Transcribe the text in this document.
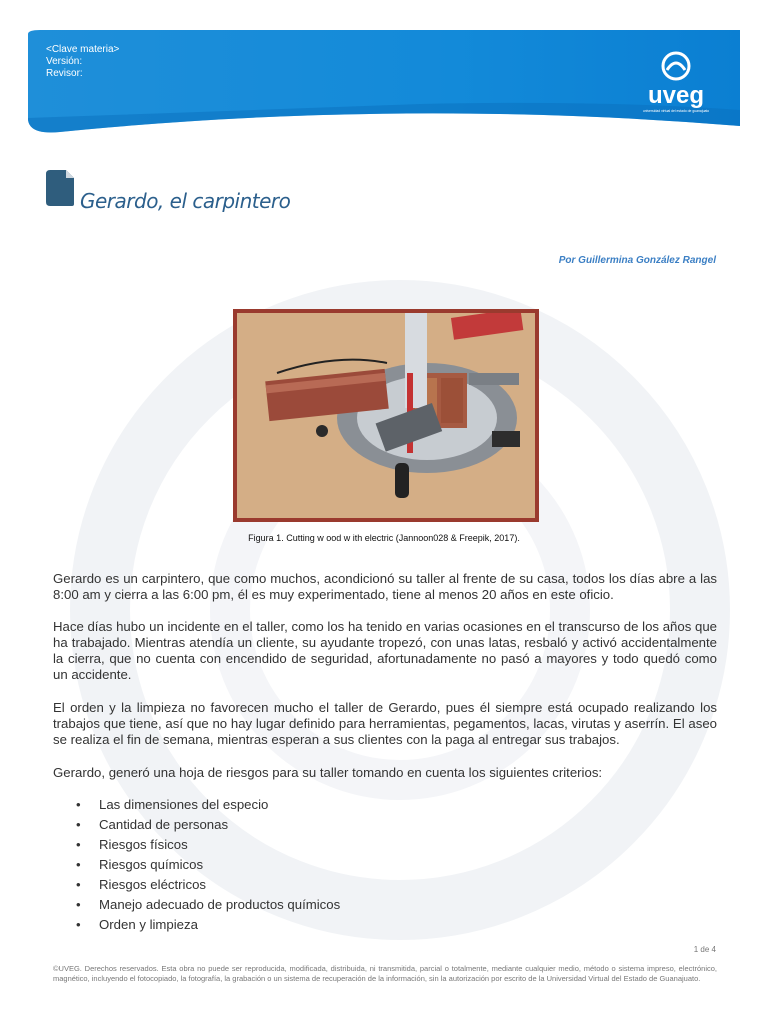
<Clave materia>
Versión:
Revisor:
uveg
universidad virtual del estado de guanajuato
Gerardo, el carpintero
Por Guillermina González Rangel
Figura 1. Cutting w ood w ith electric (Jannoon028 & Freepik, 2017).
Gerardo es un carpintero, que como muchos, acondicionó su taller al frente de su casa, todos los días abre a las 8:00 am y cierra a las 6:00 pm, él es muy experimentado, tiene al menos 20 años en este oficio.
Hace días hubo un incidente en el taller, como los ha tenido en varias ocasiones en el transcurso de los años que ha trabajado. Mientras atendía un cliente, su ayudante tropezó, con unas latas, resbaló y activó accidentalmente la cierra, que no cuenta con encendido de seguridad, afortunadamente no pasó a mayores y todo quedó como un accidente.
El orden y la limpieza no favorecen mucho el taller de Gerardo, pues él siempre está ocupado realizando los trabajos que tiene, así que no hay lugar definido para herramientas, pegamentos, lacas, virutas y aserrín. El aseo se realiza el fin de semana, mientras esperan a sus clientes con la paga al entregar sus trabajos.
Gerardo, generó una hoja de riesgos para su taller tomando en cuenta los siguientes criterios:
• Las dimensiones del especio
• Cantidad de personas
• Riesgos físicos
• Riesgos químicos
• Riesgos eléctricos
• Manejo adecuado de productos químicos
• Orden y limpieza
1 de 4
©UVEG. Derechos reservados. Esta obra no puede ser reproducida, modificada, distribuida, ni transmitida, parcial o totalmente, mediante cualquier medio, método o sistema impreso, electrónico, magnético, incluyendo el fotocopiado, la fotografía, la grabación o un sistema de recuperación de la información, sin la autorización por escrito de la Universidad Virtual del Estado de Guanajuato.
